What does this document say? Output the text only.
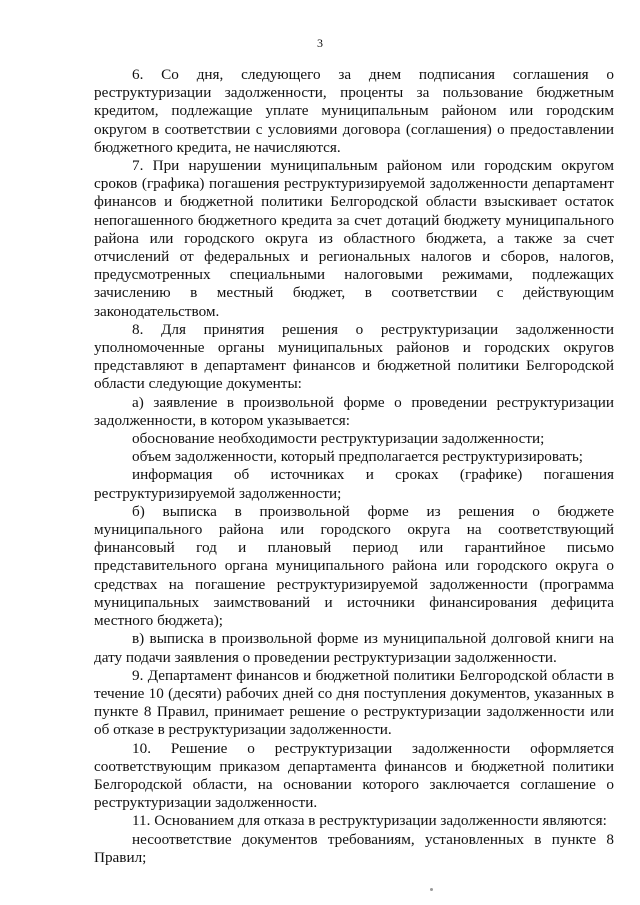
3

6. Со дня, следующего за днем подписания соглашения о реструктуризации задолженности, проценты за пользование бюджетным кредитом, подлежащие уплате муниципальным районом или городским округом в соответствии с условиями договора (соглашения) о предоставлении бюджетного кредита, не начисляются.

7. При нарушении муниципальным районом или городским округом сроков (графика) погашения реструктуризируемой задолженности департамент финансов и бюджетной политики Белгородской области взыскивает остаток непогашенного бюджетного кредита за счет дотаций бюджету муниципального района или городского округа из областного бюджета, а также за счет отчислений от федеральных и региональных налогов и сборов, налогов, предусмотренных специальными налоговыми режимами, подлежащих зачислению в местный бюджет, в соответствии с действующим законодательством.

8. Для принятия решения о реструктуризации задолженности уполномоченные органы муниципальных районов и городских округов представляют в департамент финансов и бюджетной политики Белгородской области следующие документы:

а) заявление в произвольной форме о проведении реструктуризации задолженности, в котором указывается:

обоснование необходимости реструктуризации задолженности;

объем задолженности, который предполагается реструктуризировать;

информация об источниках и сроках (графике) погашения реструктуризируемой задолженности;

б) выписка в произвольной форме из решения о бюджете муниципального района или городского округа на соответствующий финансовый год и плановый период или гарантийное письмо представительного органа муниципального района или городского округа о средствах на погашение реструктуризируемой задолженности (программа муниципальных заимствований и источники финансирования дефицита местного бюджета);

в) выписка в произвольной форме из муниципальной долговой книги на дату подачи заявления о проведении реструктуризации задолженности.

9. Департамент финансов и бюджетной политики Белгородской области в течение 10 (десяти) рабочих дней со дня поступления документов, указанных в пункте 8 Правил, принимает решение о реструктуризации задолженности или об отказе в реструктуризации задолженности.

10. Решение о реструктуризации задолженности оформляется соответствующим приказом департамента финансов и бюджетной политики Белгородской области, на основании которого заключается соглашение о реструктуризации задолженности.

11. Основанием для отказа в реструктуризации задолженности являются:

несоответствие документов требованиям, установленных в пункте 8 Правил;
